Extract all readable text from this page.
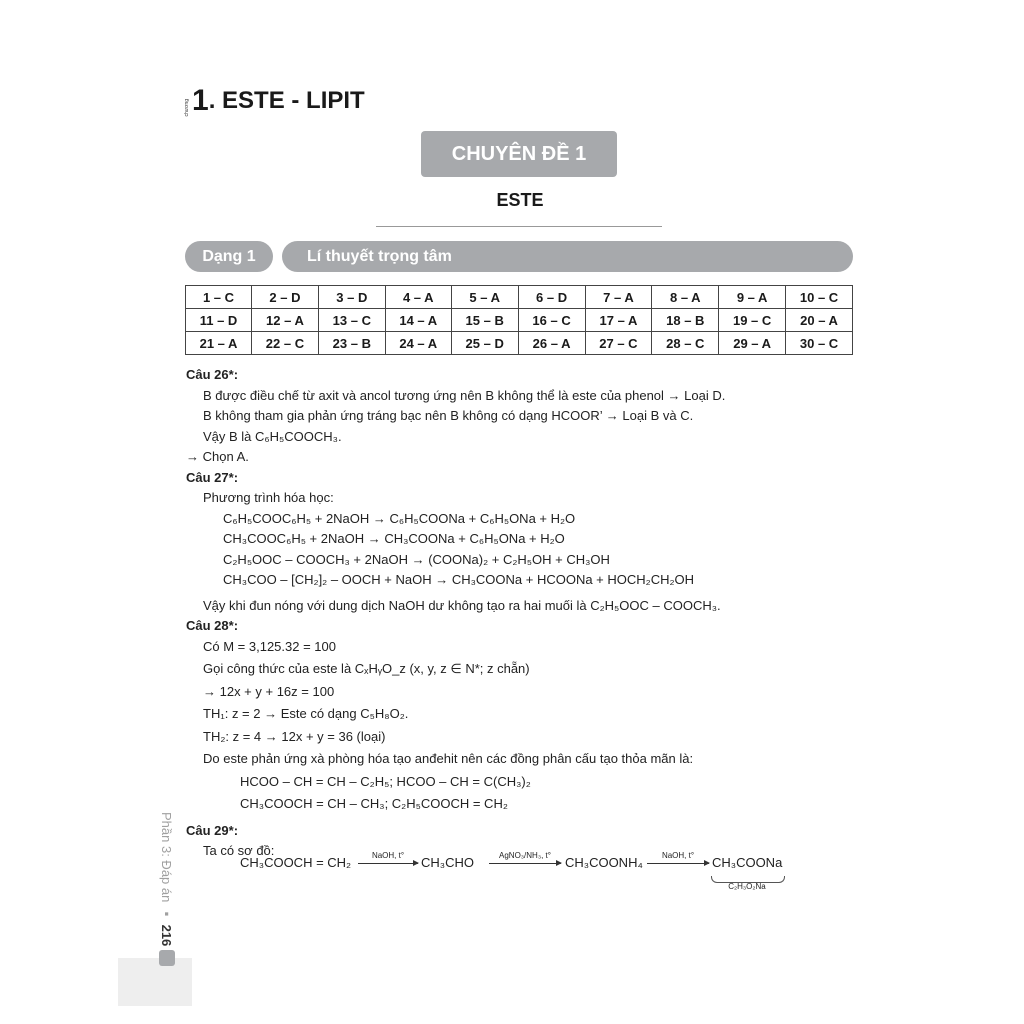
chương 1 . ESTE - LIPIT
CHUYÊN ĐỀ 1
ESTE
Dạng 1	Lí thuyết trọng tâm
1 – C	2 – D	3 – D	4 – A	5 – A	6 – D	7 – A	8 – A	9 – A	10 – C
11 – D	12 – A	13 – C	14 – A	15 – B	16 – C	17 – A	18 – B	19 – C	20 – A
21 – A	22 – C	23 – B	24 – A	25 – D	26 – A	27 – C	28 – C	29 – A	30 – C
Câu 26*:
B được điều chế từ axit và ancol tương ứng nên B không thể là este của phenol → Loại D.
B không tham gia phản ứng tráng bạc nên B không có dạng HCOOR’ → Loại B và C.
Vậy B là C₆H₅COOCH₃.
→ Chọn A.
Câu 27*:
Phương trình hóa học:
C₆H₅COOC₆H₅ + 2NaOH → C₆H₅COONa + C₆H₅ONa + H₂O
CH₃COOC₆H₅ + 2NaOH → CH₃COONa + C₆H₅ONa + H₂O
C₂H₅OOC – COOCH₃ + 2NaOH → (COONa)₂ + C₂H₅OH + CH₃OH
CH₃COO – [CH₂]₂ – OOCH + NaOH → CH₃COONa + HCOONa + HOCH₂CH₂OH
Vậy khi đun nóng với dung dịch NaOH dư không tạo ra hai muối là C₂H₅OOC – COOCH₃.
Câu 28*:
Có M = 3,125.32 = 100
Gọi công thức của este là CₓHᵧO_z (x, y, z ∈ N*; z chẵn)
→ 12x + y + 16z = 100
TH₁: z = 2 → Este có dạng C₅H₈O₂.
TH₂: z = 4 → 12x + y = 36 (loại)
Do este phản ứng xà phòng hóa tạo anđehit nên các đồng phân cấu tạo thỏa mãn là:
HCOO – CH = CH – C₂H₅; HCOO – CH = C(CH₃)₂
CH₃COOCH = CH – CH₃; C₂H₅COOCH = CH₂
Câu 29*:
Ta có sơ đồ:
CH₃COOCH = CH₂	NaOH, t°	CH₃CHO	AgNO₃/NH₃, t°	CH₃COONH₄	NaOH, t°	CH₃COONa
C₂H₃O₂Na
Phần 3: Đáp án ▪ 216
